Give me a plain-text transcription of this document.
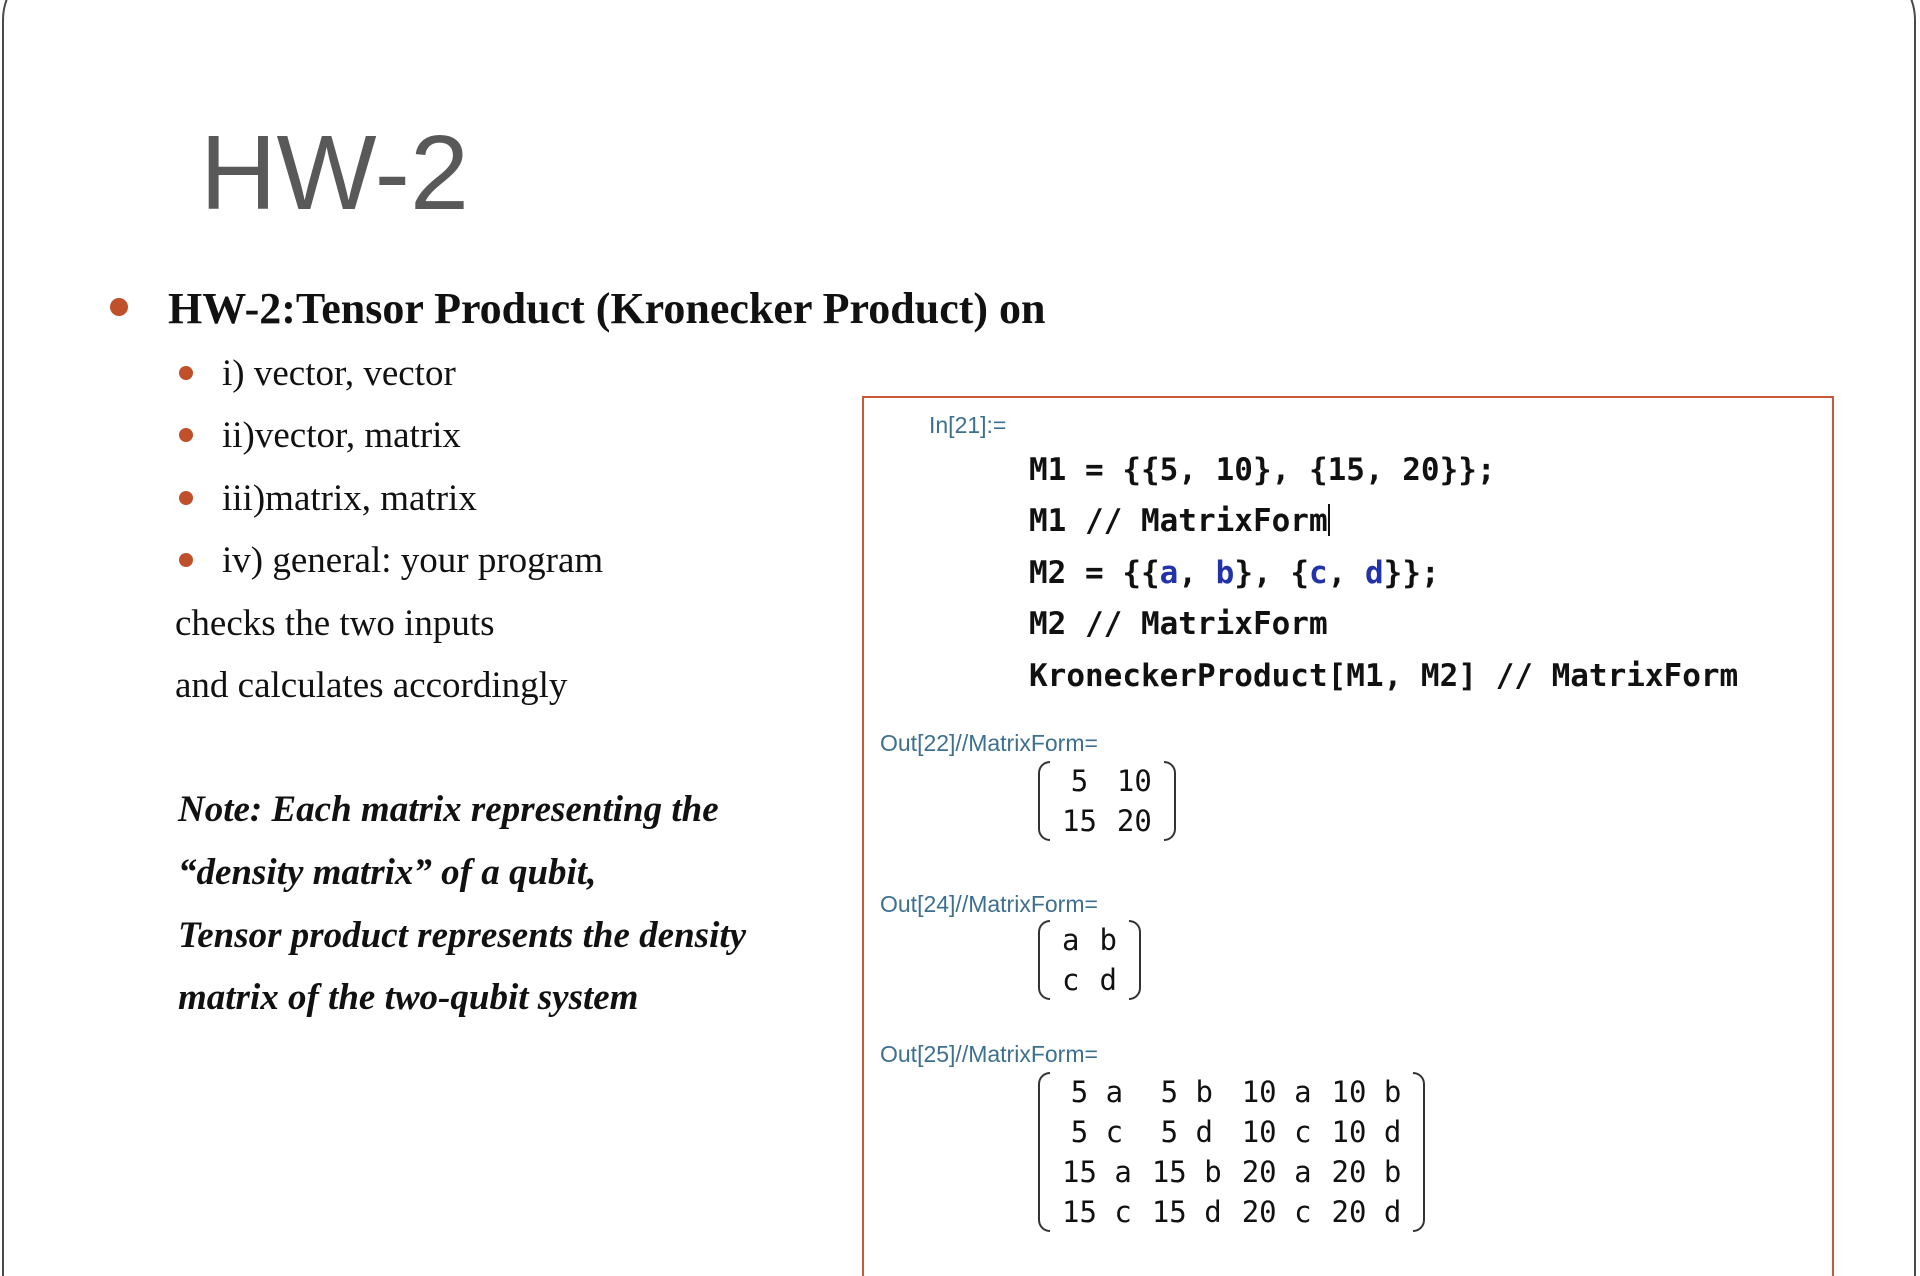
HW-2
HW-2:Tensor Product (Kronecker Product) on
i) vector, vector
ii)vector, matrix
iii)matrix, matrix
iv) general: your program
checks the two inputs
and calculates accordingly
Note: Each matrix representing the
“density matrix” of a qubit,
Tensor product represents the density
matrix of the two-qubit system
In[21]:=
M1 = {{5, 10}, {15, 20}};
M1 // MatrixForm
M2 = {{a, b}, {c, d}};
M2 // MatrixForm
KroneckerProduct[M1, M2] // MatrixForm
Out[22]//MatrixForm=
5	10
15	20
Out[24]//MatrixForm=
a	b
c	d
Out[25]//MatrixForm=
5 a	5 b	10 a	10 b
5 c	5 d	10 c	10 d
15 a	15 b	20 a	20 b
15 c	15 d	20 c	20 d
